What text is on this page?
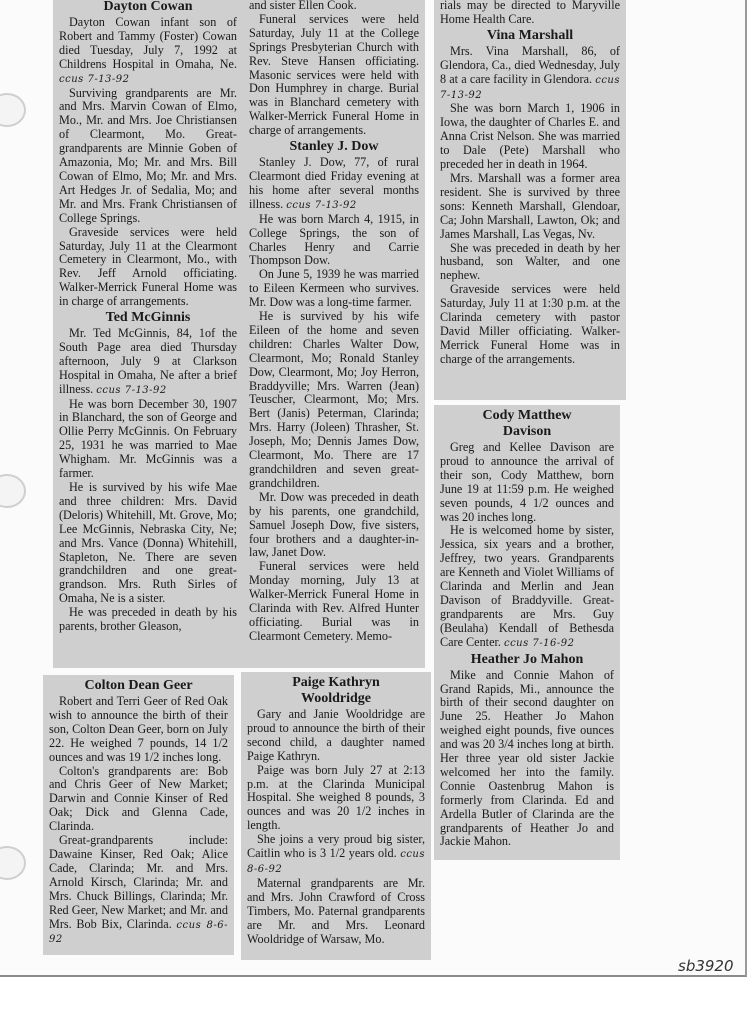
Dayton Cowan

Dayton Cowan infant son of Robert and Tammy (Foster) Cowan died Tuesday, July 7, 1992 at Childrens Hospital in Omaha, Ne. ccus 7-13-92

Surviving grandparents are Mr. and Mrs. Marvin Cowan of Elmo, Mo., Mr. and Mrs. Joe Christiansen of Clearmont, Mo. Great-grandparents are Minnie Goben of Amazonia, Mo; Mr. and Mrs. Bill Cowan of Elmo, Mo; Mr. and Mrs. Art Hedges Jr. of Sedalia, Mo; and Mr. and Mrs. Frank Christiansen of College Springs.

Graveside services were held Saturday, July 11 at the Clearmont Cemetery in Clearmont, Mo., with Rev. Jeff Arnold officiating. Walker-Merrick Funeral Home was in charge of arrangements.

Ted McGinnis

Mr. Ted McGinnis, 84, 1of the South Page area died Thursday afternoon, July 9 at Clarkson Hospital in Omaha, Ne after a brief illness. ccus 7-13-92

He was born December 30, 1907 in Blanchard, the son of George and Ollie Perry McGinnis. On February 25, 1931 he was married to Mae Whigham. Mr. McGinnis was a farmer.

He is survived by his wife Mae and three children: Mrs. David (Deloris) Whitehill, Mt. Grove, Mo; Lee McGinnis, Nebraska City, Ne; and Mrs. Vance (Donna) Whitehill, Stapleton, Ne. There are seven grandchildren and one great-grandson. Mrs. Ruth Sirles of Omaha, Ne is a sister.

He was preceded in death by his parents, brother Gleason,

and sister Ellen Cook.

Funeral services were held Saturday, July 11 at the College Springs Presbyterian Church with Rev. Steve Hansen officiating. Masonic services were held with Don Humphrey in charge. Burial was in Blanchard cemetery with Walker-Merrick Funeral Home in charge of arrangements.

Stanley J. Dow

Stanley J. Dow, 77, of rural Clearmont died Friday evening at his home after several months illness. ccus 7-13-92

He was born March 4, 1915, in College Springs, the son of Charles Henry and Carrie Thompson Dow.

On June 5, 1939 he was married to Eileen Kermeen who survives. Mr. Dow was a long-time farmer.

He is survived by his wife Eileen of the home and seven children: Charles Walter Dow, Clearmont, Mo; Ronald Stanley Dow, Clearmont, Mo; Joy Herron, Braddyville; Mrs. Warren (Jean) Teuscher, Clearmont, Mo; Mrs. Bert (Janis) Peterman, Clarinda; Mrs. Harry (Joleen) Thrasher, St. Joseph, Mo; Dennis James Dow, Clearmont, Mo. There are 17 grandchildren and seven great-grandchildren.

Mr. Dow was preceded in death by his parents, one grandchild, Samuel Joseph Dow, five sisters, four brothers and a daughter-in-law, Janet Dow.

Funeral services were held Monday morning, July 13 at Walker-Merrick Funeral Home in Clarinda with Rev. Alfred Hunter officiating. Burial was in Clearmont Cemetery. Memo-

rials may be directed to Maryville Home Health Care.

Vina Marshall

Mrs. Vina Marshall, 86, of Glendora, Ca., died Wednesday, July 8 at a care facility in Glendora. ccus 7-13-92

She was born March 1, 1906 in Iowa, the daughter of Charles E. and Anna Crist Nelson. She was married to Dale (Pete) Marshall who preceded her in death in 1964.

Mrs. Marshall was a former area resident. She is survived by three sons: Kenneth Marshall, Glendoar, Ca; John Marshall, Lawton, Ok; and James Marshall, Las Vegas, Nv.

She was preceded in death by her husband, son Walter, and one nephew.

Graveside services were held Saturday, July 11 at 1:30 p.m. at the Clarinda cemetery with pastor David Miller officiating. Walker-Merrick Funeral Home was in charge of the arrangements.

Cody Matthew Davison

Greg and Kellee Davison are proud to announce the arrival of their son, Cody Matthew, born June 19 at 11:59 p.m. He weighed seven pounds, 4 1/2 ounces and was 20 inches long.

He is welcomed home by sister, Jessica, six years and a brother, Jeffrey, two years. Grandparents are Kenneth and Violet Williams of Clarinda and Merlin and Jean Davison of Braddyville. Great-grandparents are Mrs. Guy (Beulaha) Kendall of Bethesda Care Center. ccus 7-16-92

Heather Jo Mahon

Mike and Connie Mahon of Grand Rapids, Mi., announce the birth of their second daughter on June 25. Heather Jo Mahon weighed eight pounds, five ounces and was 20 3/4 inches long at birth. Her three year old sister Jackie welcomed her into the family. Connie Oastenbrug Mahon is formerly from Clarinda. Ed and Ardella Butler of Clarinda are the grandparents of Heather Jo and Jackie Mahon.

Colton Dean Geer

Robert and Terri Geer of Red Oak wish to announce the birth of their son, Colton Dean Geer, born on July 22. He weighed 7 pounds, 14 1/2 ounces and was 19 1/2 inches long.

Colton's grandparents are: Bob and Chris Geer of New Market; Darwin and Connie Kinser of Red Oak; Dick and Glenna Cade, Clarinda.

Great-grandparents include: Dawaine Kinser, Red Oak; Alice Cade, Clarinda; Mr. and Mrs. Arnold Kirsch, Clarinda; Mr. and Mrs. Chuck Billings, Clarinda; Mr. Red Geer, New Market; and Mr. and Mrs. Bob Bix, Clarinda. ccus 8-6-92

Paige Kathryn Wooldridge

Gary and Janie Wooldridge are proud to announce the birth of their second child, a daughter named Paige Kathryn.

Paige was born July 27 at 2:13 p.m. at the Clarinda Municipal Hospital. She weighed 8 pounds, 3 ounces and was 20 1/2 inches in length.

She joins a very proud big sister, Caitlin who is 3 1/2 years old. ccus 8-6-92

Maternal grandparents are Mr. and Mrs. John Crawford of Cross Timbers, Mo. Paternal grandparents are Mr. and Mrs. Leonard Wooldridge of Warsaw, Mo.

sb3920
